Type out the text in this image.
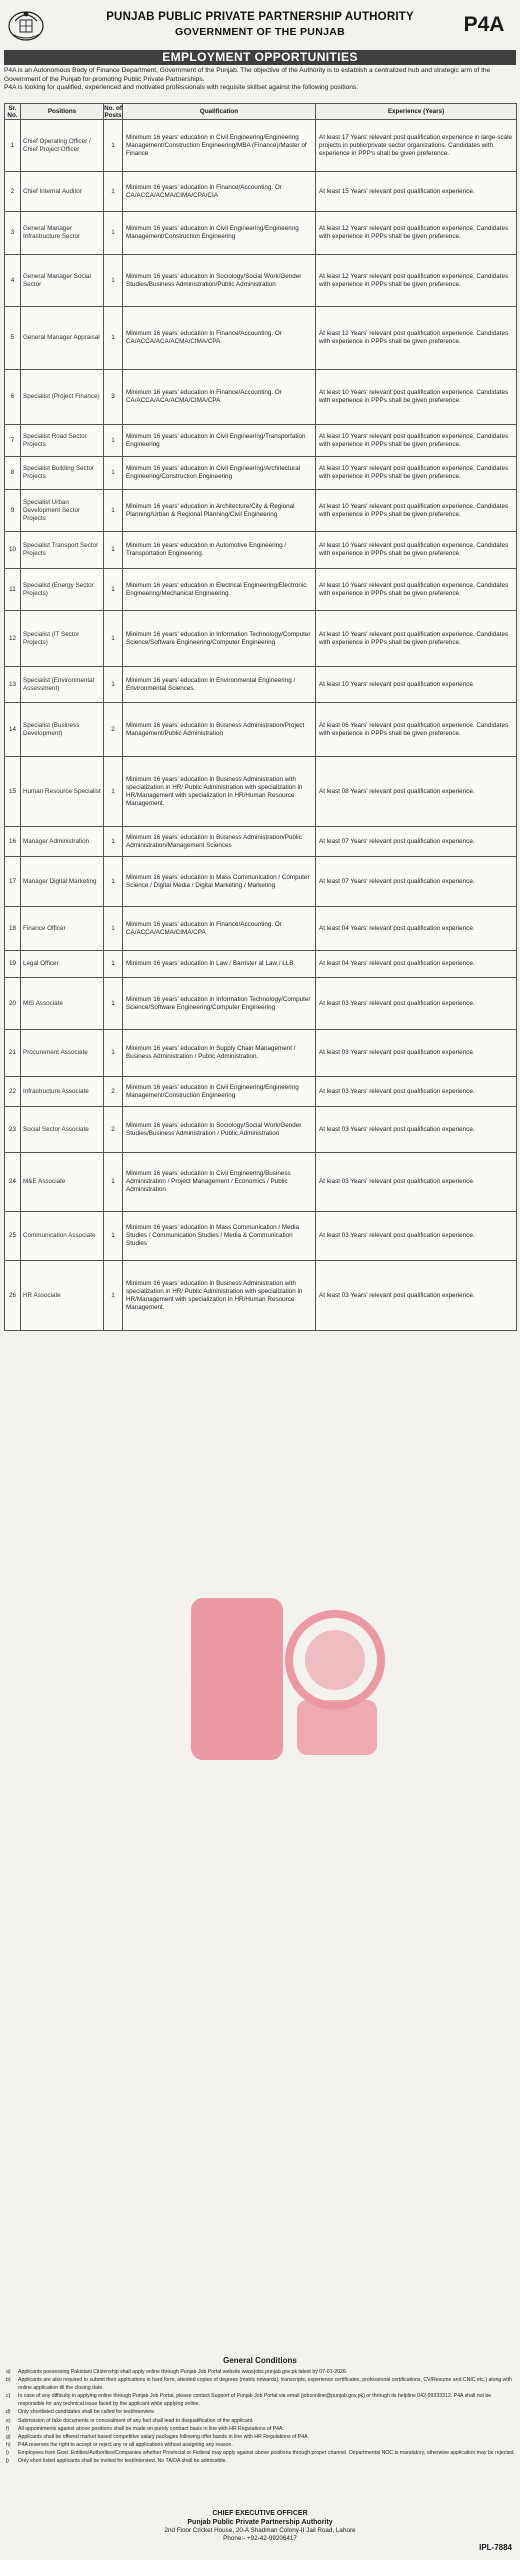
PUNJAB PUBLIC PRIVATE PARTNERSHIP AUTHORITY
GOVERNMENT OF THE PUNJAB	P4A
EMPLOYMENT OPPORTUNITIES

P4A is an Autonomous Body of Finance Department, Government of the Punjab. The objective of the Authority is to establish a centralized hub and strategic arm of the Government of the Punjab for promoting Public Private Partnerships.

P4A is looking for qualified, experienced and motivated professionals with requisite skillset against the following positions:

Sr. No.	Positions	No. of Posts	Qualification	Experience (Years)
1	Chief Operating Officer / Chief Project Officer	1	Minimum 16 years' education in Civil Engineering/Engineering Management/Construction Engineering/MBA (Finance)/Master of Finance	At least 17 Years' relevant post qualification experience in large-scale projects in public/private sector organizations. Candidates with experience in PPP's shall be given preference.
2	Chief Internal Auditor	1	Minimum 16 years' education in Finance/Accounting. Or CA/ACCA/ACMA/CIMA/CPA/CIA	At least 15 Years' relevant post qualification experience.
3	General Manager Infrastructure Sector	1	Minimum 16 years' education in Civil Engineering/Engineering Management/Construction Engineering	At least 12 Years' relevant post qualification experience. Candidates with experience in PPPs shall be given preference.
4	General Manager Social Sector	1	Minimum 16 years' education in Sociology/Social Work/Gender Studies/Business Administration/Public Administration	At least 12 Years' relevant post qualification experience. Candidates with experience in PPPs shall be given preference.
5	General Manager Appraisal	1	Minimum 16 years' education in Finance/Accounting. Or CA/ACCA/ACA/ACMA/CIMA/CPA	At least 12 Years' relevant post qualification experience. Candidates with experience in PPPs shall be given preference.
6	Specialist (Project Finance)	3	Minimum 16 years' education in Finance/Accounting. Or CA/ACCA/ACA/ACMA/CIMA/CPA	At least 10 Years' relevant post qualification experience. Candidates with experience in PPPs shall be given preference.
7	Specialist Road Sector Projects	1	Minimum 16 years' education in Civil Engineering/Transportation Engineering	At least 10 Years' relevant post qualification experience. Candidates with experience in PPPs shall be given preference.
8	Specialist Building Sector Projects	1	Minimum 16 years' education in Civil Engineering/Architectural Engineering/Construction Engineering	At least 10 Years' relevant post qualification experience. Candidates with experience in PPPs shall be given preference.
9	Specialist Urban Development Sector Projects	1	Minimum 16 years' education in Architecture/City & Regional Planning/Urban & Regional Planning/Civil Engineering	At least 10 Years' relevant post qualification experience. Candidates with experience in PPPs shall be given preference.
10	Specialist Transport Sector Projects	1	Minimum 16 years' education in Automotive Engineering / Transportation Engineering.	At least 10 Years' relevant post qualification experience. Candidates with experience in PPPs shall be given preference.
11	Specialist (Energy Sector Projects)	1	Minimum 16 years' education in Electrical Engineering/Electronic Engineering/Mechanical Engineering	At least 10 Years' relevant post qualification experience. Candidates with experience in PPPs shall be given preference.
12	Specialist (IT Sector Projects)	1	Minimum 16 years' education in Information Technology/Computer Science/Software Engineering/Computer Engineering	At least 10 Years' relevant post qualification experience. Candidates with experience in PPPs shall be given preference.
13	Specialist (Environmental Assessment)	1	Minimum 16 years' education in Environmental Engineering / Environmental Sciences.	At least 10 Years' relevant post qualification experience.
14	Specialist (Business Development)	2	Minimum 16 years' education in Business Administration/Project Management/Public Administration	At least 06 Years' relevant post qualification experience. Candidates with experience in PPPs shall be given preference.
15	Human Resource Specialist	1	Minimum 16 years' education in Business Administration with specialization in HR/ Public Administration with specialization in HR/Management with specialization in HR/Human Resource Management.	At least 08 Years' relevant post qualification experience.
16	Manager Administration	1	Minimum 16 years' education in Business Administration/Public Administration/Management Sciences	At least 07 Years' relevant post qualification experience.
17	Manager Digital Marketing	1	Minimum 16 years' education in Mass Communication / Computer Science / Digital Media / Digital Marketing / Marketing	At least 07 Years' relevant post qualification experience.
18	Finance Officer	1	Minimum 16 years' education in Finance/Accounting. Or CA/ACCA/ACMA/CIMA/CPA	At least 04 Years' relevant post qualification experience.
19	Legal Officer	1	Minimum 16 years' education in Law / Barrister at Law / LLB.	At least 04 Years' relevant post qualification experience.
20	MIS Associate	1	Minimum 16 years' education in Information Technology/Computer Science/Software Engineering/Computer Engineering	At least 03 Years' relevant post qualification experience.
21	Procurement Associate	1	Minimum 16 years' education in Supply Chain Management / Business Administration / Public Administration.	At least 03 Years' relevant post qualification experience.
22	Infrastructure Associate	2	Minimum 16 years' education in Civil Engineering/Engineering Management/Construction Engineering	At least 03 Years' relevant post qualification experience.
23	Social Sector Associate	2	Minimum 16 years' education in Sociology/Social Work/Gender Studies/Business Administration / Public Administration	At least 03 Years' relevant post qualification experience.
24	M&E Associate	1	Minimum 16 years' education in Civil Engineering/Business Administration / Project Management / Economics / Public Administration	At least 03 Years' relevant post qualification experience.
25	Communication Associate	1	Minimum 16 years' education in Mass Communication / Media Studies / Communication Studies / Media & Communication Studies	At least 03 Years' relevant post qualification experience.
26	HR Associate	1	Minimum 16 years' education in Business Administration with specialization in HR/ Public Administration with specialization in HR/Management with specialization in HR/Human Resource Management.	At least 03 Years' relevant post qualification experience.
General Conditions
a) Applicants possessing Pakistani Citizenship shall apply online through Punjab Job Portal website www.jobs.punjab.gov.pk latest by 07-01-2026.
b) Applicants are also required to submit their applications in hard form, attested copies of degrees (matric onwards), transcripts, experience certificates, professional certifications, CV/Resume and CNIC etc.) along with online application till the closing date.
c) In case of any difficulty in applying online through Punjab Job Portal, please contact Support of Punjab Job Portal via email (jobsonline@punjab.gov.pk) or through its helpline 042-99333312. P4A shall not be responsible for any technical issue faced by the applicant while applying online.
d) Only shortlisted candidates shall be called for test/interview.
e) Submission of fake documents or concealment of any fact shall lead to disqualification of the applicant.
f) All appointments against above positions shall be made on purely contract basis in line with HR Regulations of P4A.
g) Applicants shall be offered market based competitive salary packages following offer bands in line with HR Regulations of P4A.
h) P4A reserves the right to accept or reject any or all applications without assigning any reason.
i) Employees from Govt. Entities/Authorities/Companies whether Provincial or Federal may apply against above positions through proper channel. Departmental NOC is mandatory, otherwise application may be rejected.
j) Only short listed applicants shall be invited for test/interview. No TA/DA shall be admissible.
CHIEF EXECUTIVE OFFICER
Punjab Public Private Partnership Authority
2nd Floor Cricket House, 20-A Shadman Colony-II Jail Road, Lahore
Phone:- +92-42-99206417
IPL-7884
